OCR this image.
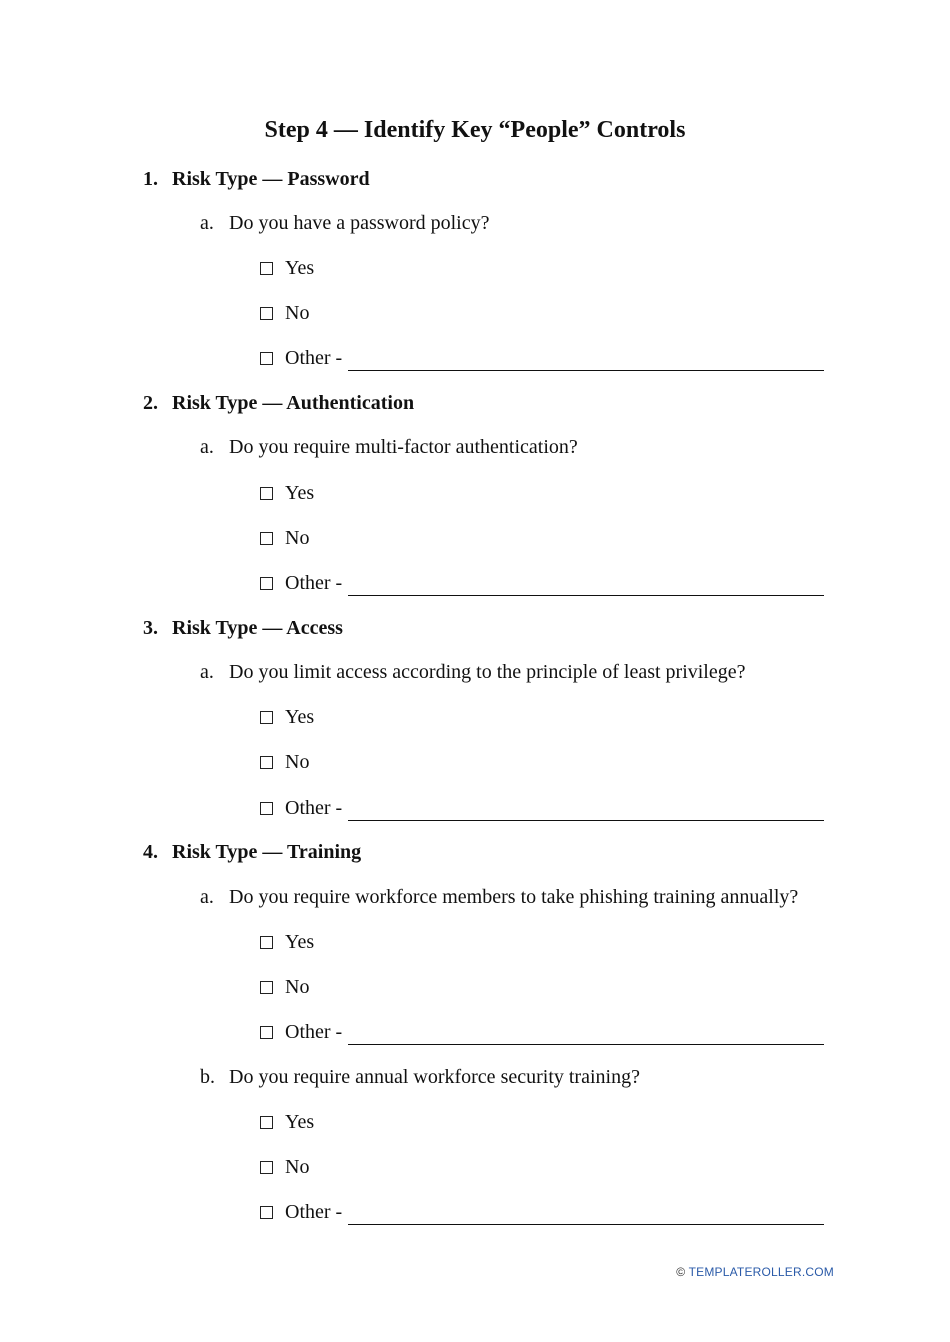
Step 4 — Identify Key “People” Controls
1. Risk Type — Password
a. Do you have a password policy?
Yes
No
Other -
2. Risk Type — Authentication
a. Do you require multi-factor authentication?
Yes
No
Other -
3. Risk Type — Access
a. Do you limit access according to the principle of least privilege?
Yes
No
Other -
4. Risk Type — Training
a. Do you require workforce members to take phishing training annually?
Yes
No
Other -
b. Do you require annual workforce security training?
Yes
No
Other -
© TEMPLATEROLLER.COM
